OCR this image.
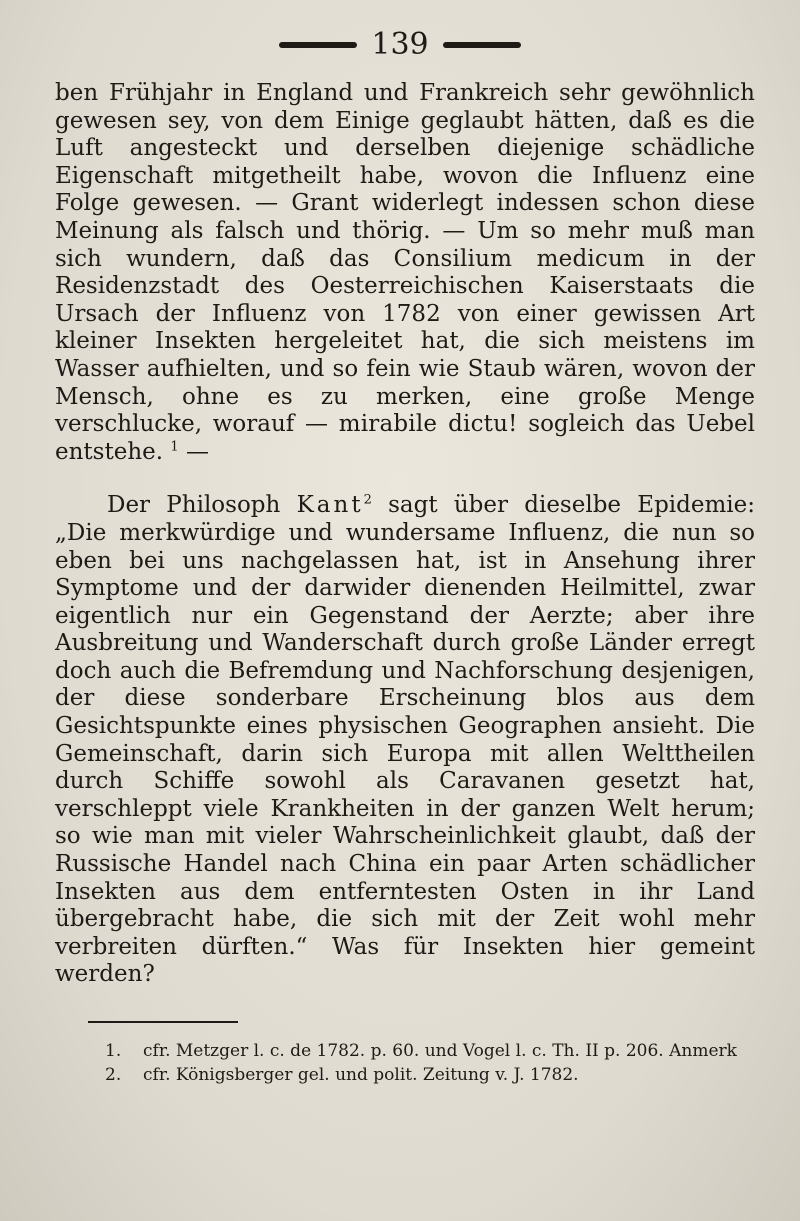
139

ben Frühjahr in England und Frankreich sehr gewöhnlich gewesen sey, von dem Einige geglaubt hätten, daß es die Luft angesteckt und derselben diejenige schädliche Eigenschaft mitgetheilt habe, wovon die Influenz eine Folge gewesen. — Grant widerlegt indessen schon diese Meinung als falsch und thörig. — Um so mehr muß man sich wundern, daß das Consilium medicum in der Residenzstadt des Oesterreichischen Kaiserstaats die Ursach der Influenz von 1782 von einer gewissen Art kleiner Insekten hergeleitet hat, die sich meistens im Wasser aufhielten, und so fein wie Staub wären, wovon der Mensch, ohne es zu merken, eine große Menge verschlucke, worauf — mirabile dictu! sogleich das Uebel entstehe. $^1$ —

Der Philosoph Kant$^2$ sagt über dieselbe Epidemie: „Die merkwürdige und wundersame Influenz, die nun so eben bei uns nachgelassen hat, ist in Ansehung ihrer Symptome und der darwider dienenden Heilmittel, zwar eigentlich nur ein Gegenstand der Aerzte; aber ihre Ausbreitung und Wanderschaft durch große Länder erregt doch auch die Befremdung und Nachforschung desjenigen, der diese sonderbare Erscheinung blos aus dem Gesichtspunkte eines physischen Geographen ansieht. Die Gemeinschaft, darin sich Europa mit allen Welttheilen durch Schiffe sowohl als Caravanen gesetzt hat, verschleppt viele Krankheiten in der ganzen Welt herum; so wie man mit vieler Wahrscheinlichkeit glaubt, daß der Russische Handel nach China ein paar Arten schädlicher Insekten aus dem entferntesten Osten in ihr Land übergebracht habe, die sich mit der Zeit wohl mehr verbreiten dürften.“ Was für Insekten hier gemeint werden?

1.	cfr. Metzger l. c. de 1782. p. 60. und Vogel l. c. Th. II p. 206. Anmerk
2.	cfr. Königsberger gel. und polit. Zeitung v. J. 1782.
